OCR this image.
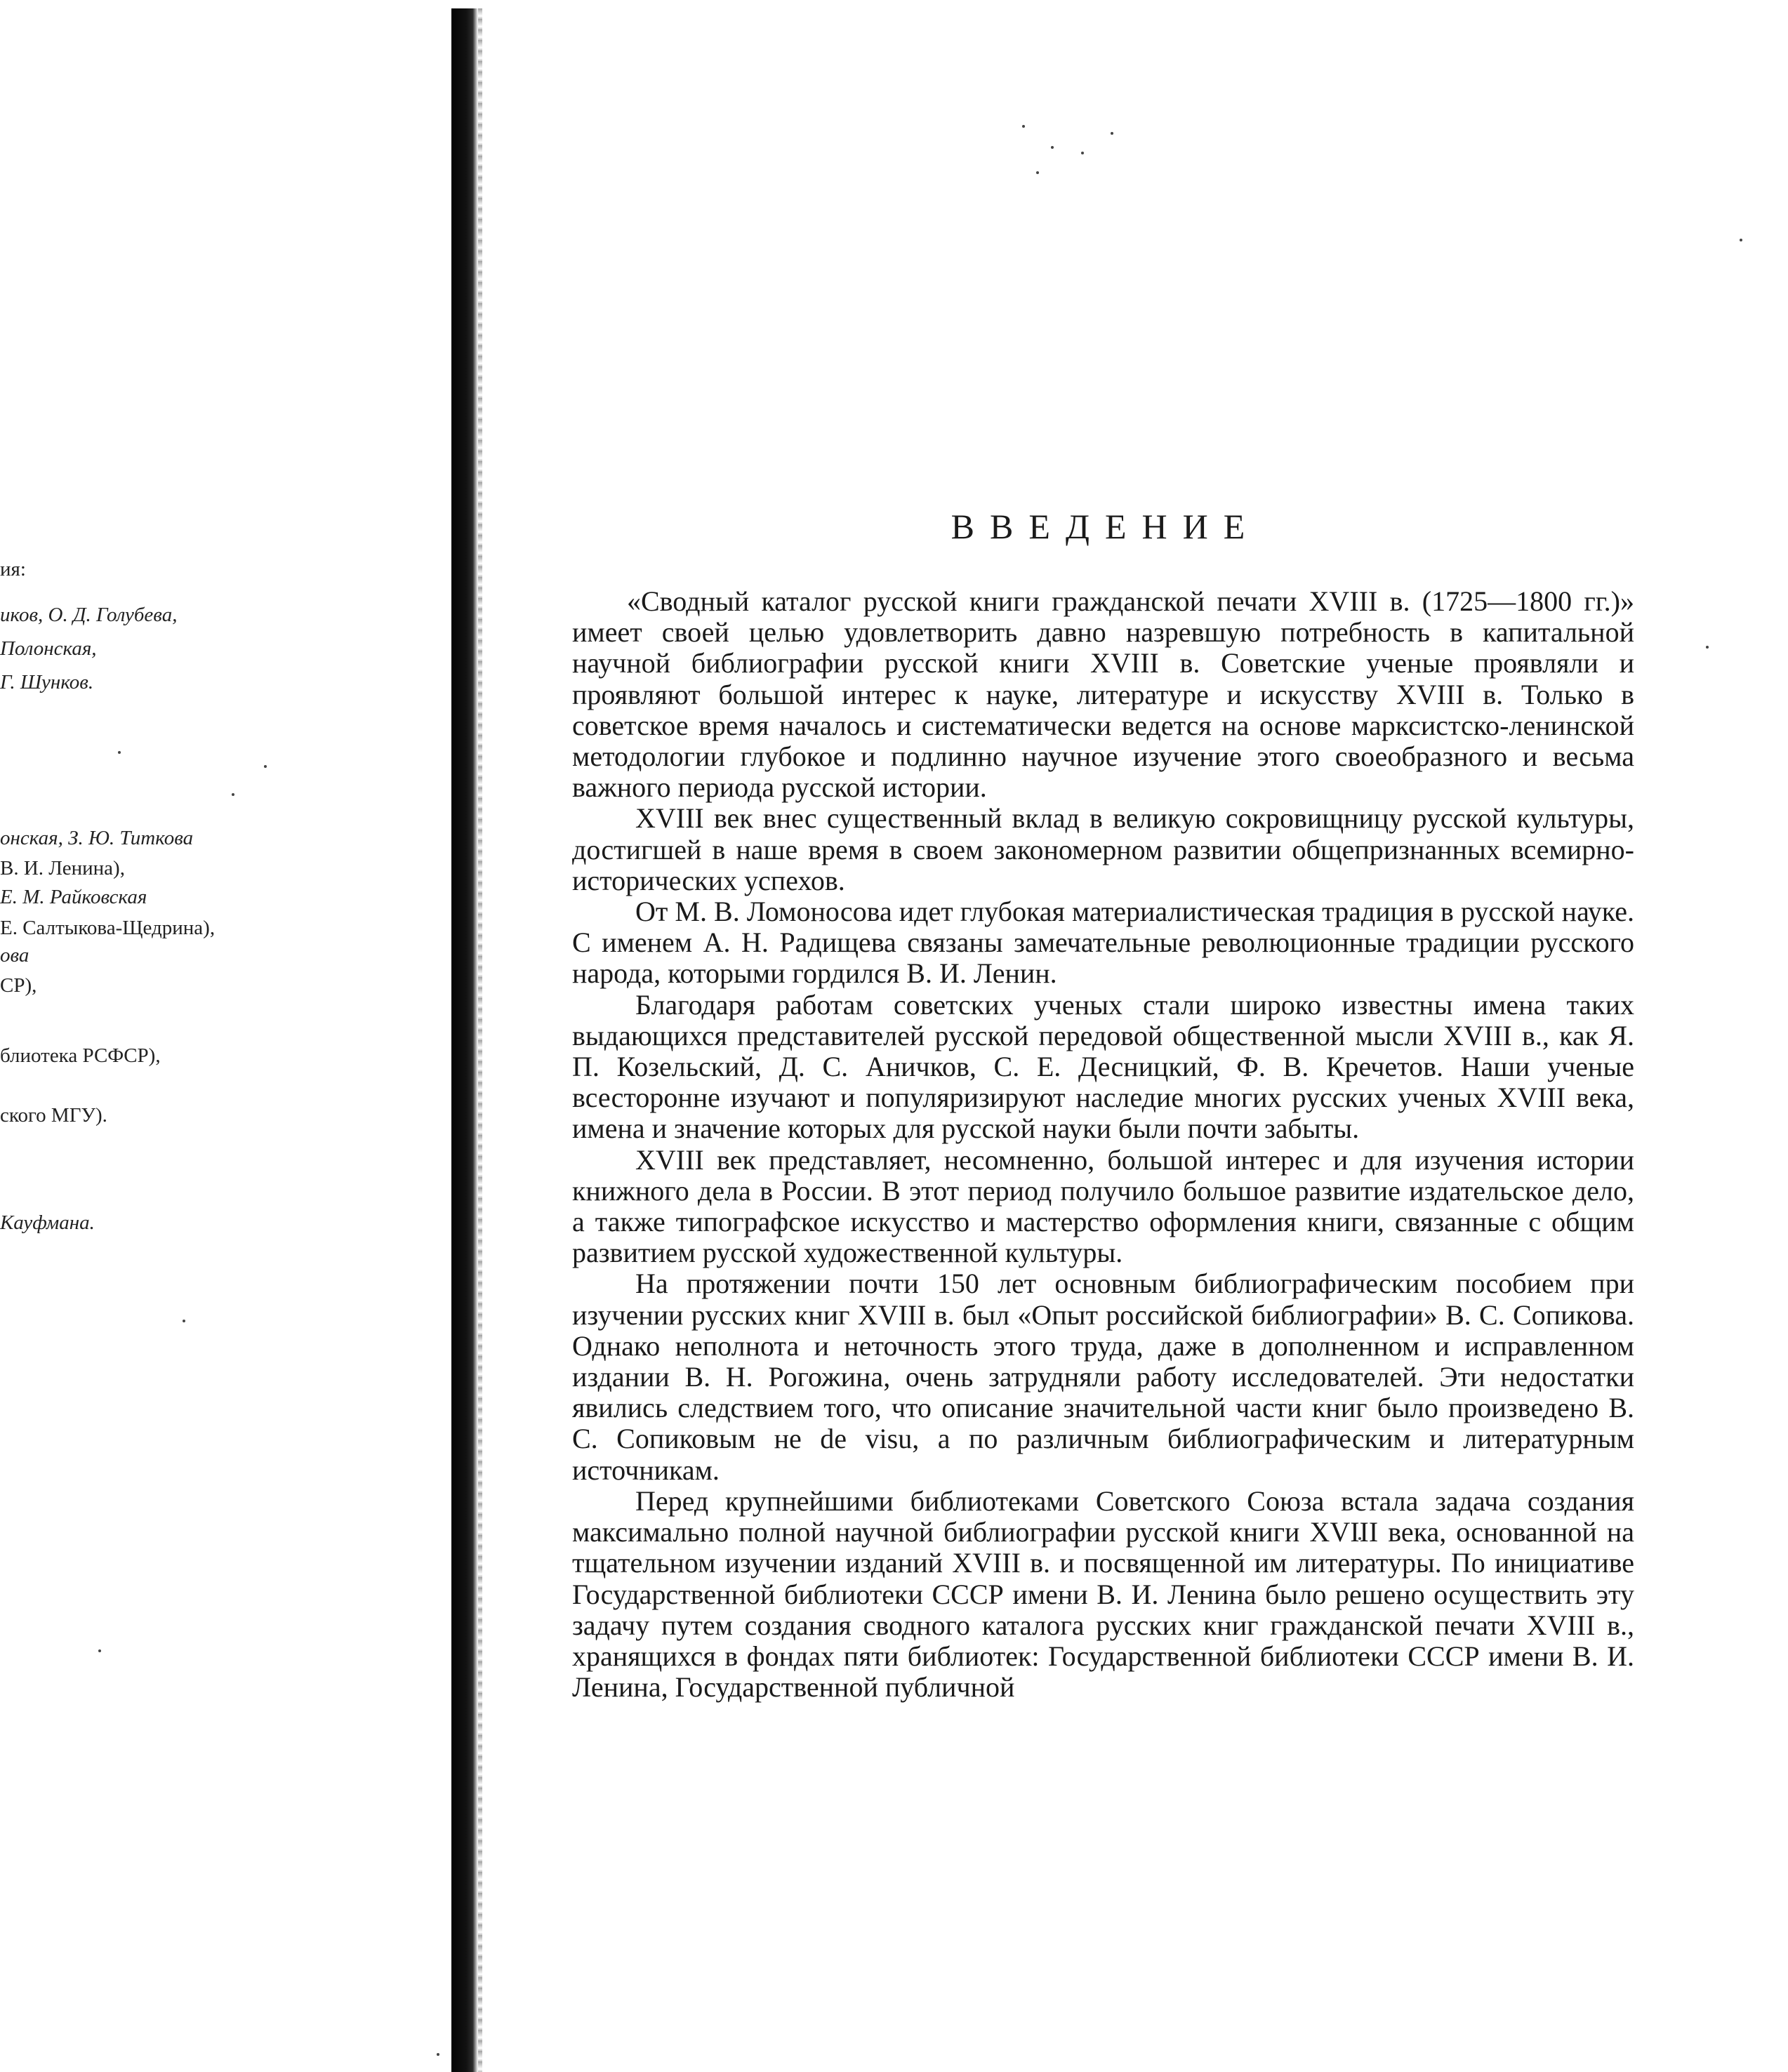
ия:
иков, О. Д. Голубева,
Полонская,
Г. Шунков.
онская, З. Ю. Титкова
В. И. Ленина),
Е. М. Райковская
Е. Салтыкова-Щедрина),
ова
СР),
блиотека РСФСР),
ского МГУ).
Кауфмана.
ВВЕДЕНИЕ

«Сводный каталог русской книги гражданской печати XVIII в. (1725—1800 гг.)» имеет своей целью удовлетворить давно назревшую потребность в капитальной научной библиографии русской книги XVIII в. Советские ученые проявляли и проявляют большой интерес к науке, литературе и искусству XVIII в. Только в советское время началось и систематически ведется на основе марксистско-ленинской методологии глубокое и подлинно научное изучение этого своеобразного и весьма важного периода русской истории.

XVIII век внес существенный вклад в великую сокровищницу русской культуры, достигшей в наше время в своем закономерном развитии общепризнанных всемирно-исторических успехов.

От М. В. Ломоносова идет глубокая материалистическая традиция в русской науке. С именем А. Н. Радищева связаны замечательные революционные традиции русского народа, которыми гордился В. И. Ленин.

Благодаря работам советских ученых стали широко известны имена таких выдающихся представителей русской передовой общественной мысли XVIII в., как Я. П. Козельский, Д. С. Аничков, С. Е. Десницкий, Ф. В. Кречетов. Наши ученые всесторонне изучают и популяризируют наследие многих русских ученых XVIII века, имена и значение которых для русской науки были почти забыты.

XVIII век представляет, несомненно, большой интерес и для изучения истории книжного дела в России. В этот период получило большое развитие издательское дело, а также типографское искусство и мастерство оформления книги, связанные с общим развитием русской художественной культуры.

На протяжении почти 150 лет основным библиографическим пособием при изучении русских книг XVIII в. был «Опыт российской библиографии» В. С. Сопикова. Однако неполнота и неточность этого труда, даже в дополненном и исправленном издании В. Н. Рогожина, очень затрудняли работу исследователей. Эти недостатки явились следствием того, что описание значительной части книг было произведено В. С. Сопиковым не de visu, а по различным библиографическим и литературным источникам.

Перед крупнейшими библиотеками Советского Союза встала задача создания максимально полной научной библиографии русской книги XVIII века, основанной на тщательном изучении изданий XVIII в. и посвященной им литературы. По инициативе Государственной библиотеки СССР имени В. И. Ленина было решено осуществить эту задачу путем создания сводного каталога русских книг гражданской печати XVIII в., хранящихся в фондах пяти библиотек: Государственной библиотеки СССР имени В. И. Ленина, Государственной публичной
